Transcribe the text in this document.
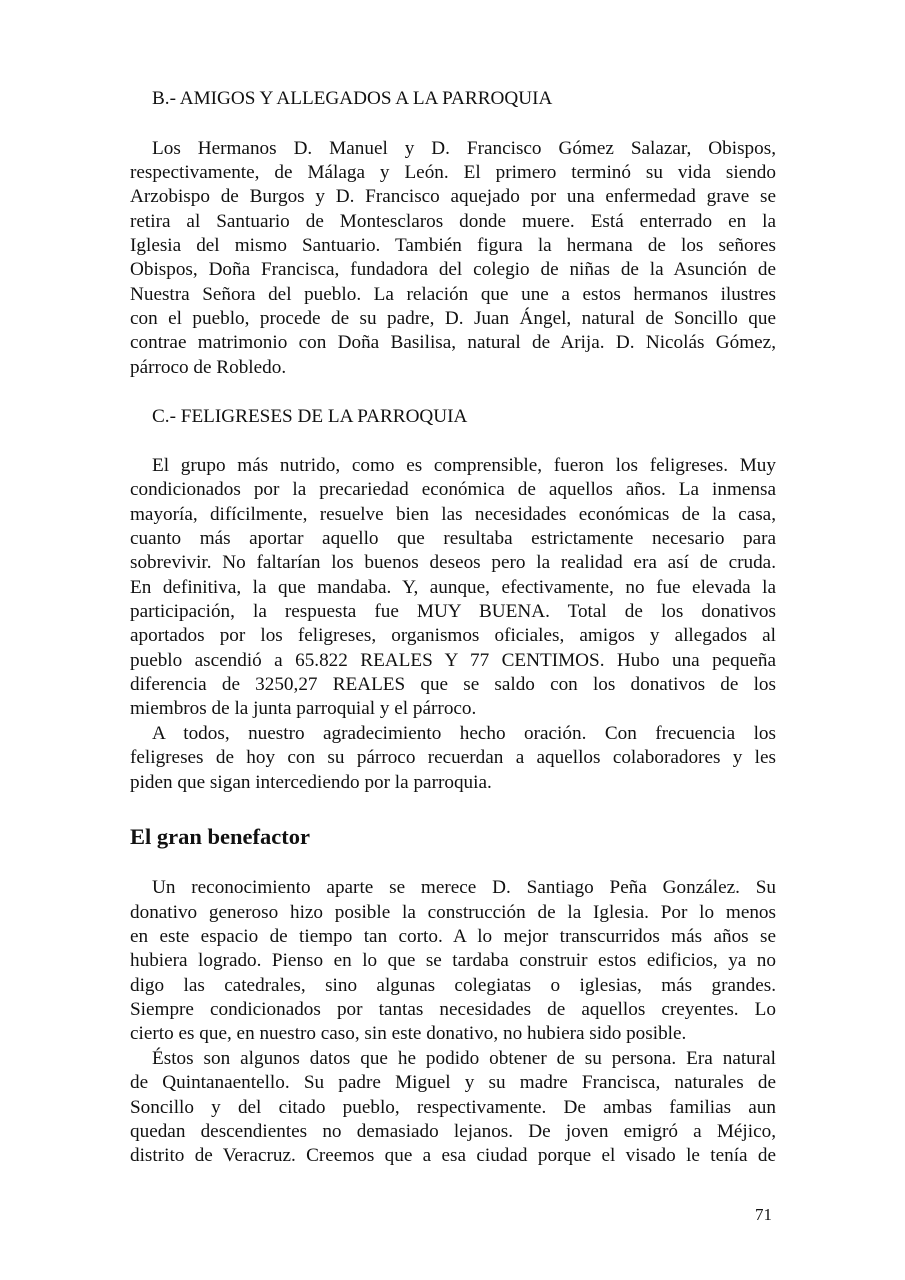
B.- AMIGOS Y ALLEGADOS A LA PARROQUIA
Los Hermanos D. Manuel y D. Francisco Gómez Salazar, Obispos,
respectivamente, de Málaga y León. El primero terminó su vida siendo
Arzobispo de Burgos y D. Francisco aquejado por una enfermedad grave se
retira al Santuario de Montesclaros donde muere. Está enterrado en la
Iglesia del mismo Santuario. También figura la hermana de los señores
Obispos, Doña Francisca, fundadora del colegio de niñas de la Asunción de
Nuestra Señora del pueblo. La relación que une a estos hermanos ilustres
con el pueblo, procede de su padre, D. Juan Ángel, natural de Soncillo que
contrae matrimonio con Doña Basilisa, natural de Arija. D. Nicolás Gómez,
párroco de Robledo.
C.- FELIGRESES DE LA PARROQUIA
El grupo más nutrido, como es comprensible, fueron los feligreses. Muy
condicionados por la precariedad económica de aquellos años. La inmensa
mayoría, difícilmente, resuelve bien las necesidades económicas de la casa,
cuanto más aportar aquello que resultaba estrictamente necesario para
sobrevivir. No faltarían los buenos deseos pero la realidad era así de cruda.
En definitiva, la que mandaba. Y, aunque, efectivamente, no fue elevada la
participación, la respuesta fue MUY BUENA. Total de los donativos
aportados por los feligreses, organismos oficiales, amigos y allegados al
pueblo ascendió a 65.822 REALES Y 77 CENTIMOS. Hubo una pequeña
diferencia de 3250,27 REALES que se saldo con los donativos de los
miembros de la junta parroquial y el párroco.
A todos, nuestro agradecimiento hecho oración. Con frecuencia los
feligreses de hoy con su párroco recuerdan a aquellos colaboradores y les
piden que sigan intercediendo por la parroquia.
El gran benefactor
Un reconocimiento aparte se merece D. Santiago Peña González. Su
donativo generoso hizo posible la construcción de la Iglesia. Por lo menos
en este espacio de tiempo tan corto. A lo mejor transcurridos más años se
hubiera logrado. Pienso en lo que se tardaba construir estos edificios, ya no
digo las catedrales, sino algunas colegiatas o iglesias, más grandes.
Siempre condicionados por tantas necesidades de aquellos creyentes. Lo
cierto es que, en nuestro caso, sin este donativo, no hubiera sido posible.
Éstos son algunos datos que he podido obtener de su persona. Era natural
de Quintanaentello. Su padre Miguel y su madre Francisca, naturales de
Soncillo y del citado pueblo, respectivamente. De ambas familias aun
quedan descendientes no demasiado lejanos. De joven emigró a Méjico,
distrito de Veracruz. Creemos que a esa ciudad porque el visado le tenía de
71
